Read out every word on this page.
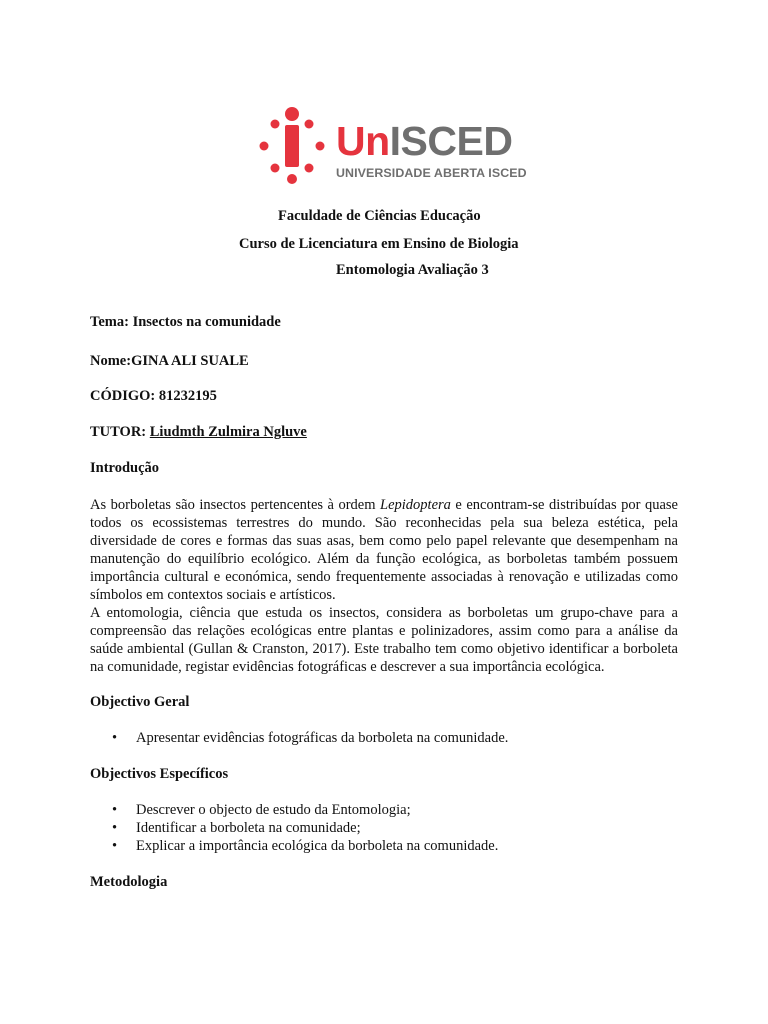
UnISCED
UNIVERSIDADE ABERTA ISCED
Faculdade de Ciências Educação
Curso de Licenciatura em Ensino de Biologia
Entomologia Avaliação 3
Tema: Insectos na comunidade
Nome:GINA ALI SUALE
CÓDIGO: 81232195
TUTOR: Liudmth Zulmira Ngluve
Introdução

As borboletas são insectos pertencentes à ordem Lepidoptera e encontram-se distribuídas por quase todos os ecossistemas terrestres do mundo. São reconhecidas pela sua beleza estética, pela diversidade de cores e formas das suas asas, bem como pelo papel relevante que desempenham na manutenção do equilíbrio ecológico. Além da função ecológica, as borboletas também possuem importância cultural e económica, sendo frequentemente associadas à renovação e utilizadas como símbolos em contextos sociais e artísticos.

A entomologia, ciência que estuda os insectos, considera as borboletas um grupo-chave para a compreensão das relações ecológicas entre plantas e polinizadores, assim como para a análise da saúde ambiental (Gullan & Cranston, 2017). Este trabalho tem como objetivo identificar a borboleta na comunidade, registar evidências fotográficas e descrever a sua importância ecológica.

Objectivo Geral
• Apresentar evidências fotográficas da borboleta na comunidade.
Objectivos Específicos
• Descrever o objecto de estudo da Entomologia;
• Identificar a borboleta na comunidade;
• Explicar a importância ecológica da borboleta na comunidade.
Metodologia
